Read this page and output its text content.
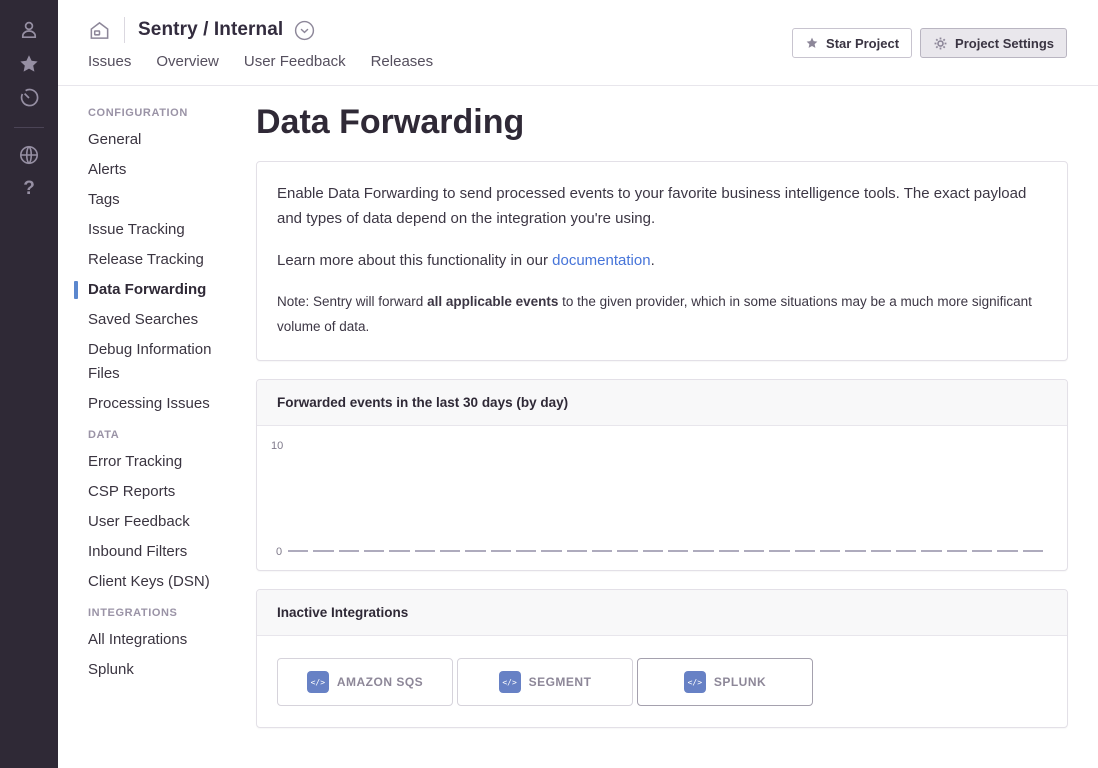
?
Sentry / Internal
Issues Overview User Feedback Releases
Star Project	Project Settings
CONFIGURATION
General
Alerts
Tags
Issue Tracking
Release Tracking
Data Forwarding
Saved Searches
Debug Information Files
Processing Issues
DATA
Error Tracking
CSP Reports
User Feedback
Inbound Filters
Client Keys (DSN)
INTEGRATIONS
All Integrations
Splunk
Data Forwarding

Enable Data Forwarding to send processed events to your favorite business intelligence tools. The exact payload and types of data depend on the integration you're using.

Learn more about this functionality in our documentation.

Note: Sentry will forward all applicable events to the given provider, which in some situations may be a much more significant volume of data.

Forwarded events in the last 30 days (by day)
10
0
Inactive Integrations
</> AMAZON SQS	</> SEGMENT	</> SPLUNK
